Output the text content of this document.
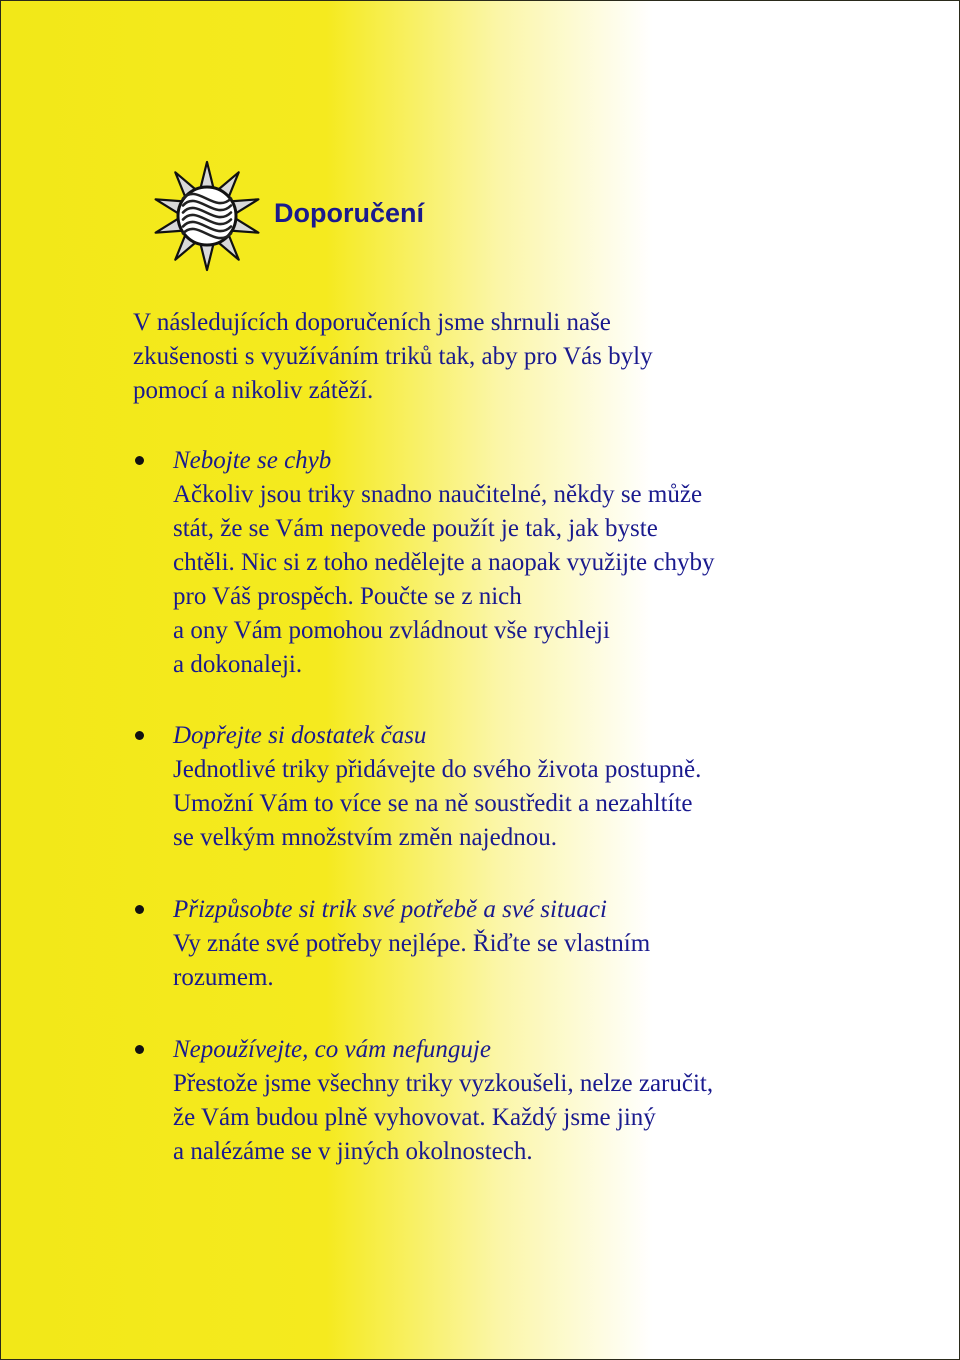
Doporučení

V následujících doporučeních jsme shrnuli naše
zkušenosti s využíváním triků tak, aby pro Vás byly
pomocí a nikoliv zátěží.

Nebojte se chyb

Ačkoliv jsou triky snadno naučitelné, někdy se může
stát, že se Vám nepovede použít je tak, jak byste
chtěli. Nic si z toho nedělejte a naopak využijte chyby
pro Váš prospěch. Poučte se z nich
a ony Vám pomohou zvládnout vše rychleji
a dokonaleji.

Dopřejte si dostatek času

Jednotlivé triky přidávejte do svého života postupně.
Umožní Vám to více se na ně soustředit a nezahltíte
se velkým množstvím změn najednou.

Přizpůsobte si trik své potřebě a své situaci

Vy znáte své potřeby nejlépe. Řiďte se vlastním
rozumem.

Nepoužívejte, co vám nefunguje

Přestože jsme všechny triky vyzkoušeli, nelze zaručit,
že Vám budou plně vyhovovat. Každý jsme jiný
a nalézáme se v jiných okolnostech.
